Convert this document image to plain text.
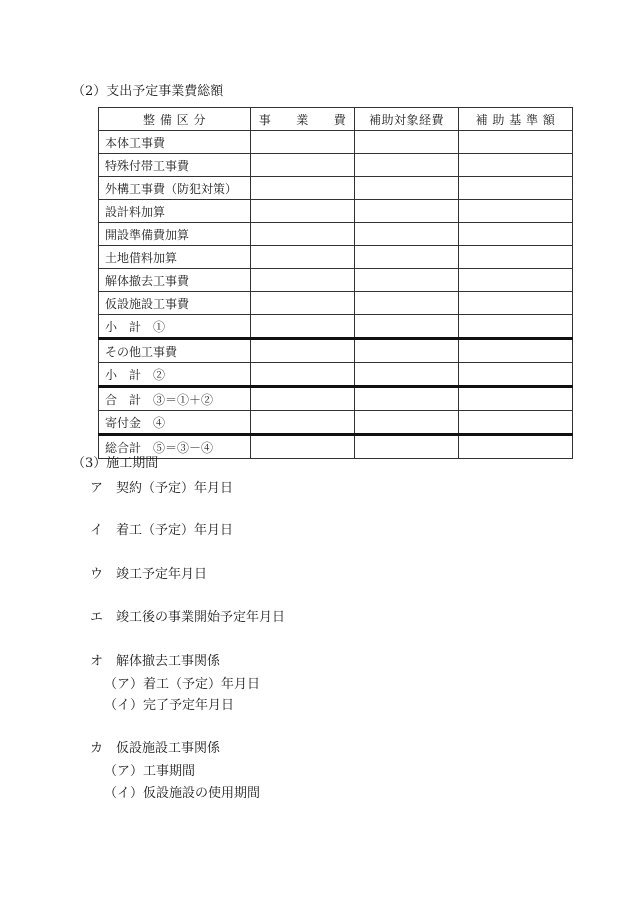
（2）支出予定事業費総額
整 備 区 分	事　　業　　費	補助対象経費	補 助 基 準 額
本体工事費			
特殊付帯工事費			
外構工事費（防犯対策）			
設計料加算			
開設準備費加算			
土地借料加算			
解体撤去工事費			
仮設施設工事費			
小　計　①			
その他工事費			
小　計　②			
合　計　③＝①＋②			
寄付金　④			
総合計　⑤＝③－④			
（3）施工期間
ア　契約（予定）年月日
イ　着工（予定）年月日
ウ　竣工予定年月日
エ　竣工後の事業開始予定年月日
オ　解体撤去工事関係
（ア）着工（予定）年月日
（イ）完了予定年月日
カ　仮設施設工事関係
（ア）工事期間
（イ）仮設施設の使用期間
